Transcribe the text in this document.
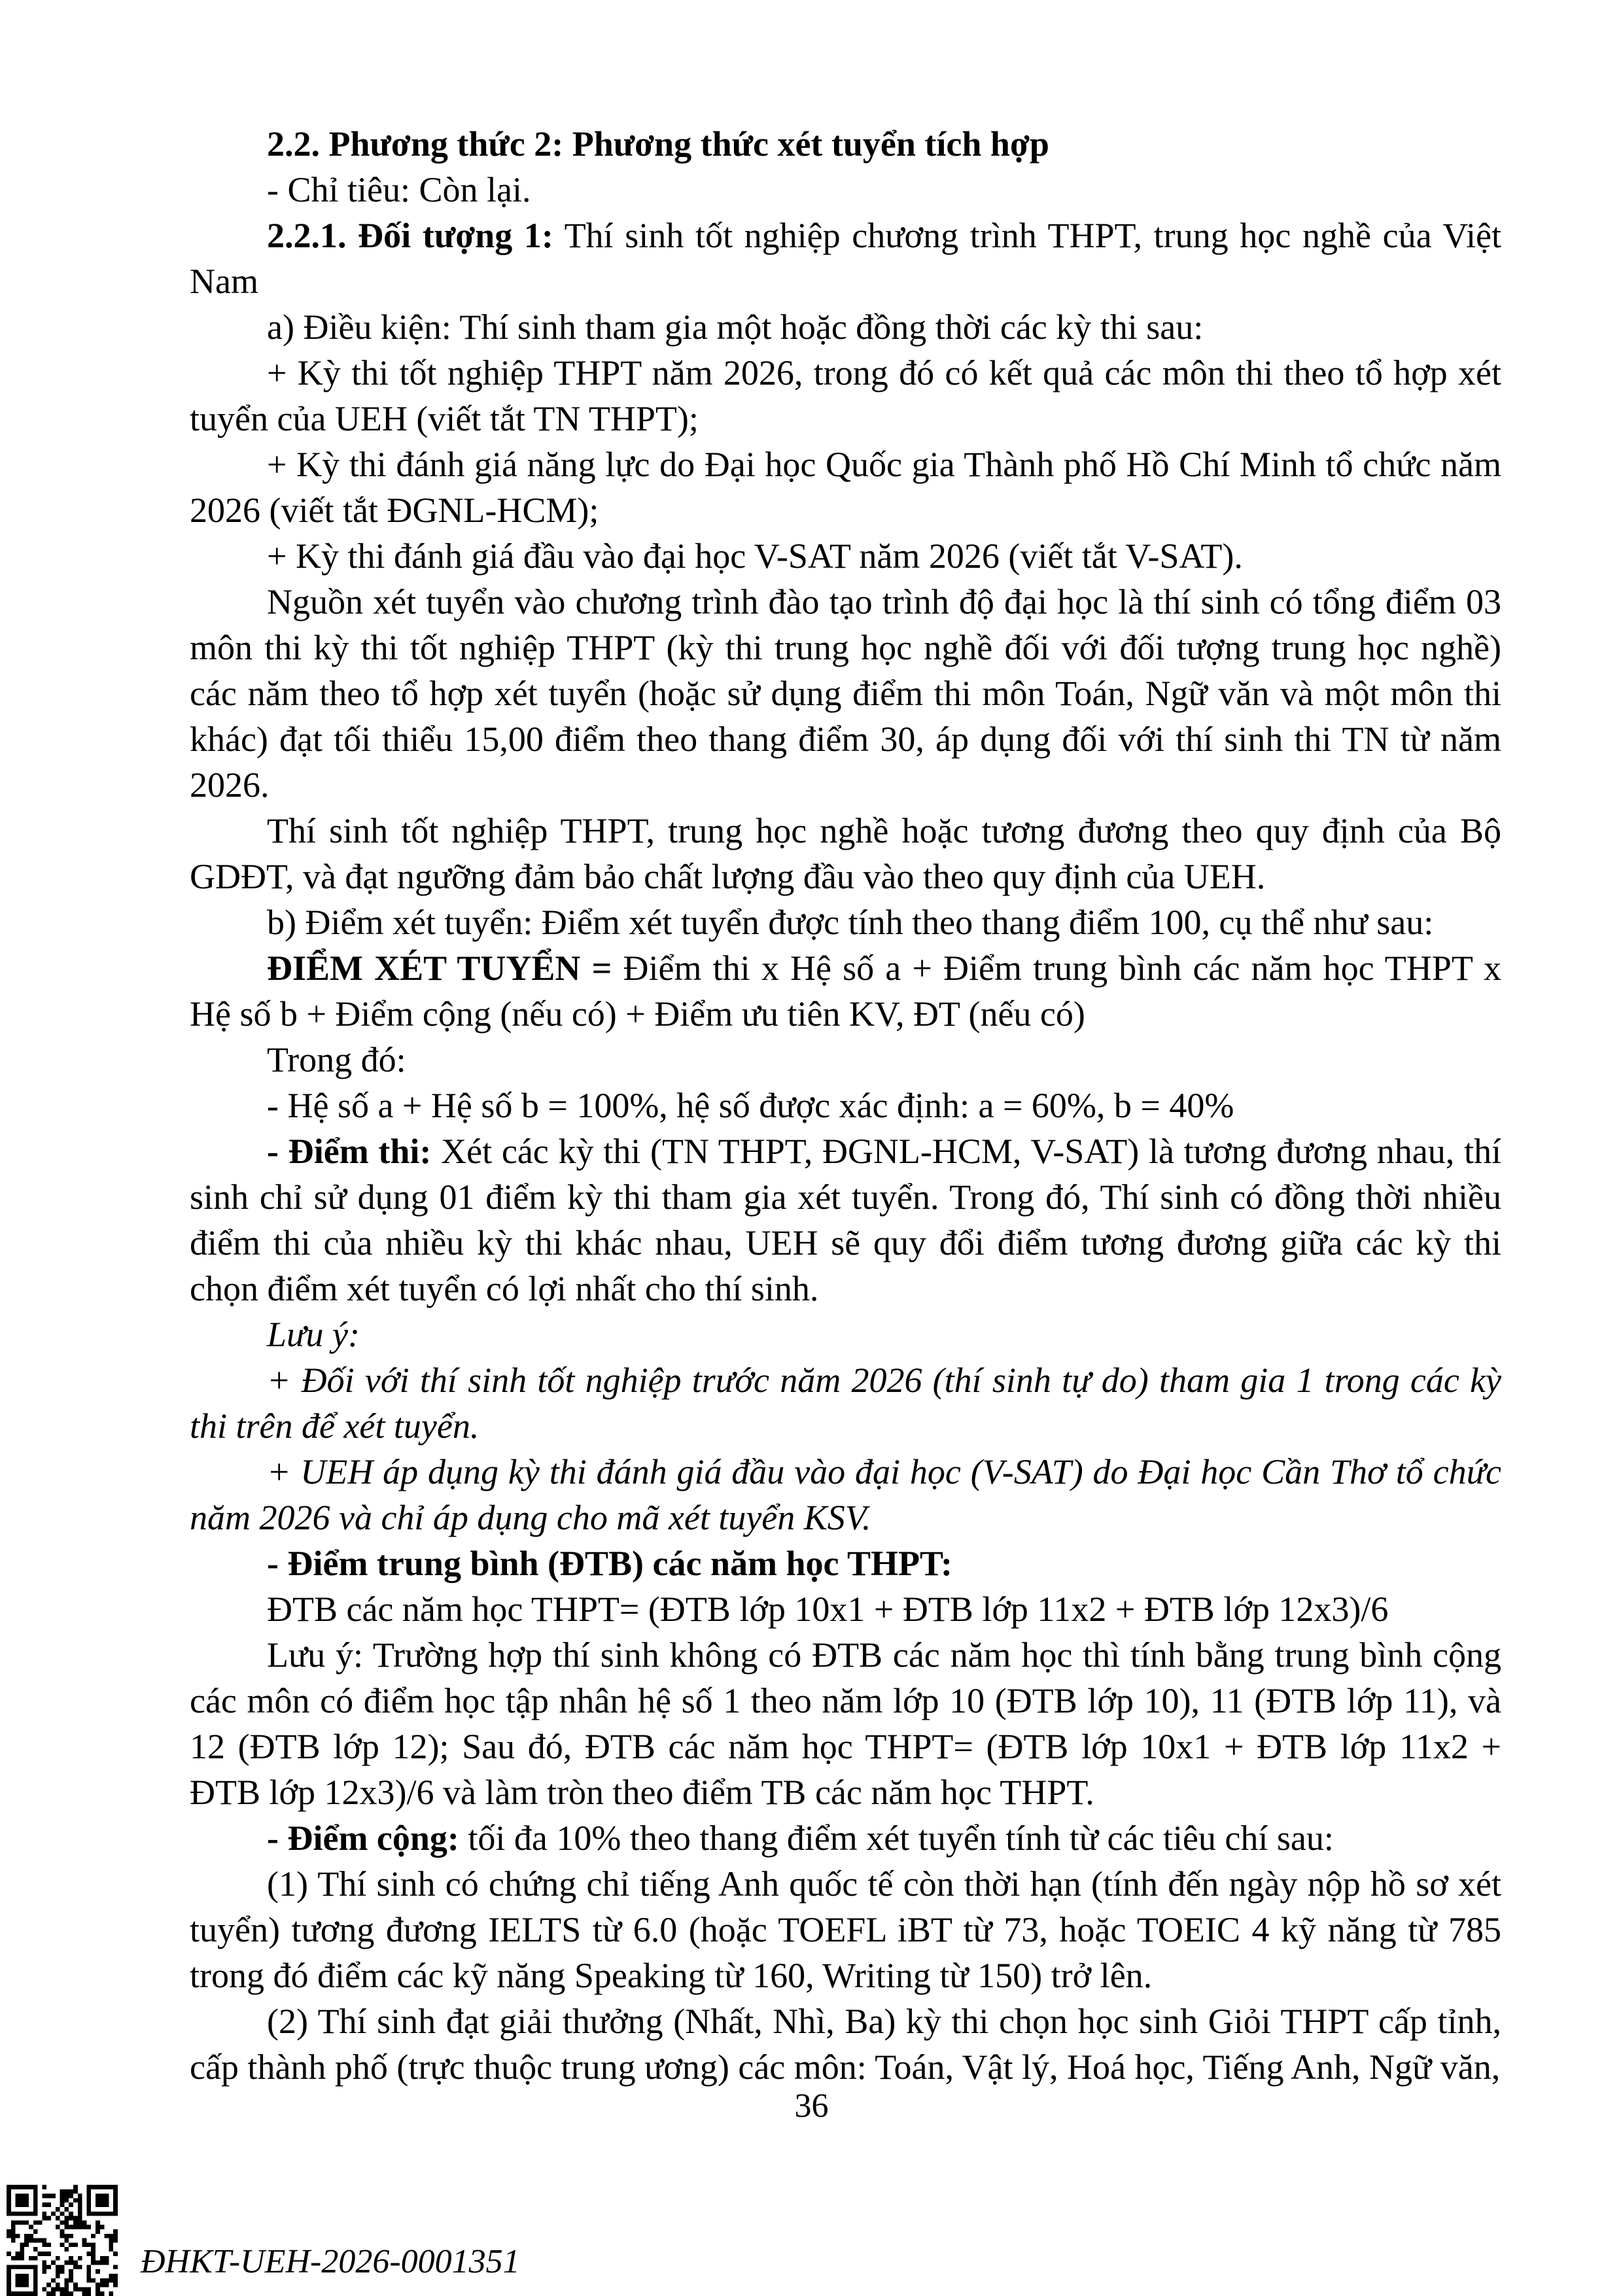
2.2. Phương thức 2: Phương thức xét tuyển tích hợp

- Chỉ tiêu: Còn lại.

2.2.1. Đối tượng 1: Thí sinh tốt nghiệp chương trình THPT, trung học nghề của Việt Nam

a) Điều kiện: Thí sinh tham gia một hoặc đồng thời các kỳ thi sau:

+ Kỳ thi tốt nghiệp THPT năm 2026, trong đó có kết quả các môn thi theo tổ hợp xét tuyển của UEH (viết tắt TN THPT);

+ Kỳ thi đánh giá năng lực do Đại học Quốc gia Thành phố Hồ Chí Minh tổ chức năm 2026 (viết tắt ĐGNL-HCM);

+ Kỳ thi đánh giá đầu vào đại học V-SAT năm 2026 (viết tắt V-SAT).

Nguồn xét tuyển vào chương trình đào tạo trình độ đại học là thí sinh có tổng điểm 03 môn thi kỳ thi tốt nghiệp THPT (kỳ thi trung học nghề đối với đối tượng trung học nghề) các năm theo tổ hợp xét tuyển (hoặc sử dụng điểm thi môn Toán, Ngữ văn và một môn thi khác) đạt tối thiểu 15,00 điểm theo thang điểm 30, áp dụng đối với thí sinh thi TN từ năm 2026.

Thí sinh tốt nghiệp THPT, trung học nghề hoặc tương đương theo quy định của Bộ GDĐT, và đạt ngưỡng đảm bảo chất lượng đầu vào theo quy định của UEH.

b) Điểm xét tuyển: Điểm xét tuyển được tính theo thang điểm 100, cụ thể như sau:

ĐIỂM XÉT TUYỂN = Điểm thi x Hệ số a + Điểm trung bình các năm học THPT x Hệ số b + Điểm cộng (nếu có) + Điểm ưu tiên KV, ĐT (nếu có)

Trong đó:

- Hệ số a + Hệ số b = 100%, hệ số được xác định: a = 60%, b = 40%

- Điểm thi: Xét các kỳ thi (TN THPT, ĐGNL-HCM, V-SAT) là tương đương nhau, thí sinh chỉ sử dụng 01 điểm kỳ thi tham gia xét tuyển. Trong đó, Thí sinh có đồng thời nhiều điểm thi của nhiều kỳ thi khác nhau, UEH sẽ quy đổi điểm tương đương giữa các kỳ thi chọn điểm xét tuyển có lợi nhất cho thí sinh.

Lưu ý:

+ Đối với thí sinh tốt nghiệp trước năm 2026 (thí sinh tự do) tham gia 1 trong các kỳ thi trên để xét tuyển.

+ UEH áp dụng kỳ thi đánh giá đầu vào đại học (V-SAT) do Đại học Cần Thơ tổ chức năm 2026 và chỉ áp dụng cho mã xét tuyển KSV.

- Điểm trung bình (ĐTB) các năm học THPT:

ĐTB các năm học THPT= (ĐTB lớp 10x1 + ĐTB lớp 11x2 + ĐTB lớp 12x3)/6

Lưu ý: Trường hợp thí sinh không có ĐTB các năm học thì tính bằng trung bình cộng các môn có điểm học tập nhân hệ số 1 theo năm lớp 10 (ĐTB lớp 10), 11 (ĐTB lớp 11), và 12 (ĐTB lớp 12); Sau đó, ĐTB các năm học THPT= (ĐTB lớp 10x1 + ĐTB lớp 11x2 + ĐTB lớp 12x3)/6 và làm tròn theo điểm TB các năm học THPT.

- Điểm cộng: tối đa 10% theo thang điểm xét tuyển tính từ các tiêu chí sau:

(1) Thí sinh có chứng chỉ tiếng Anh quốc tế còn thời hạn (tính đến ngày nộp hồ sơ xét tuyển) tương đương IELTS từ 6.0 (hoặc TOEFL iBT từ 73, hoặc TOEIC 4 kỹ năng từ 785 trong đó điểm các kỹ năng Speaking từ 160, Writing từ 150) trở lên.

(2) Thí sinh đạt giải thưởng (Nhất, Nhì, Ba) kỳ thi chọn học sinh Giỏi THPT cấp tỉnh, cấp thành phố (trực thuộc trung ương) các môn: Toán, Vật lý, Hoá học, Tiếng Anh, Ngữ văn,

36
ĐHKT-UEH-2026-0001351
